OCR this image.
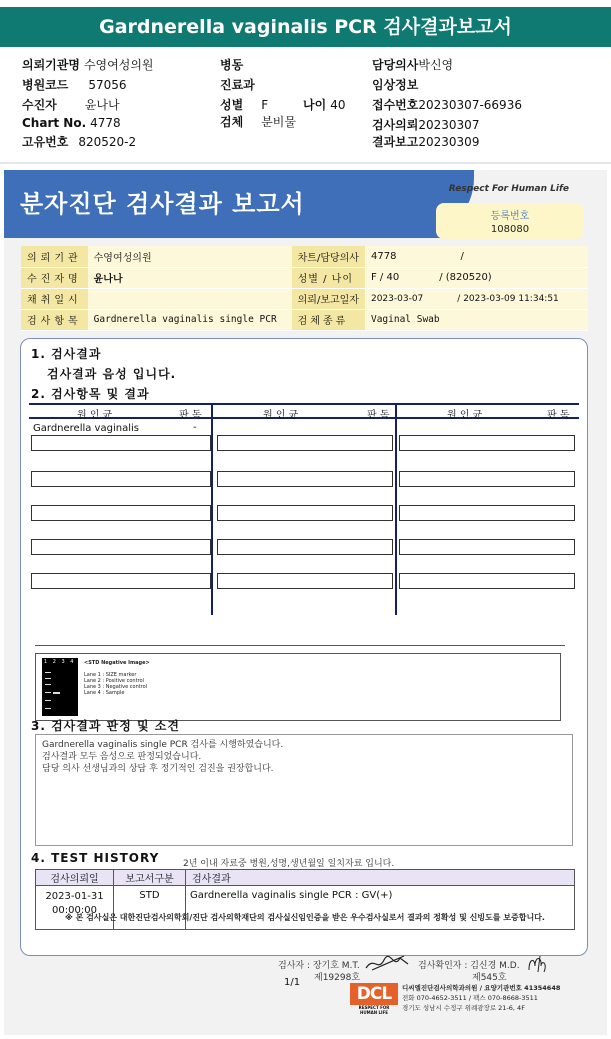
Gardnerella vaginalis PCR 검사결과보고서
의뢰기관명 수영여성의원
병원코드 57056
수진자 윤나나
Chart No. 4778
고유번호 820520-2
병동
진료과
성별 F	나이 40
검체 분비물
담당의사박신영
임상정보
접수번호20230307-66936
검사의뢰20230307
결과보고20230309
분자진단 검사결과 보고서
Respect For Human Life
등록번호
108080
의뢰기관	수영여성의원	차트/담당의사	4778 /
수진자명	윤나나	성별 / 나이	F / 40 / (820520)
채취일시		의뢰/보고일자	2023-03-07 / 2023-03-09 11:34:51
검사항목	Gardnerella vaginalis single PCR	검체종류	Vaginal Swab
1. 검사결과
검사결과 음성 입니다.
2. 검사항목 및 결과
원 인 균	판 독	원 인 균	판 독	원 인 균	판 독
Gardnerella vaginalis	-
1 2 3 4 <STD Negative Image>

Lane 1 : SIZE marker
Lane 2 : Positive control
Lane 3 : Negative control
Lane 4 : Sample
3. 검사결과 판정 및 소견
Gardnerella vaginalis single PCR 검사를 시행하였습니다.
검사결과 모두 음성으로 판정되었습니다.
담당 의사 선생님과의 상담 후 정기적인 검진을 권장합니다.
4. TEST HISTORY	2년 이내 자료중 병원,성명,생년월일 일치자료 입니다.
검사의뢰일	보고서구분	검사결과
2023-01-31
00:00:00	STD	Gardnerella vaginalis single PCR : GV(+)
※ 본 검사실은 대한진단검사의학회/진단 검사의학재단의 검사실신임인증을 받은 우수검사실로서 결과의 정확성 및 신빙도를 보증합니다.
검사자 : 장기호 M.T.
제19298호
검사확인자 : 김신경 M.D.
제545호
1/1
DCL
RESPECT FOR HUMAN LIFE
디씨엘진단검사의학과의원 / 요양기관번호 41354648
전화 070-4652-3511 / 팩스 070-8668-3511
경기도 성남시 수정구 위례광장로 21-6, 4F
